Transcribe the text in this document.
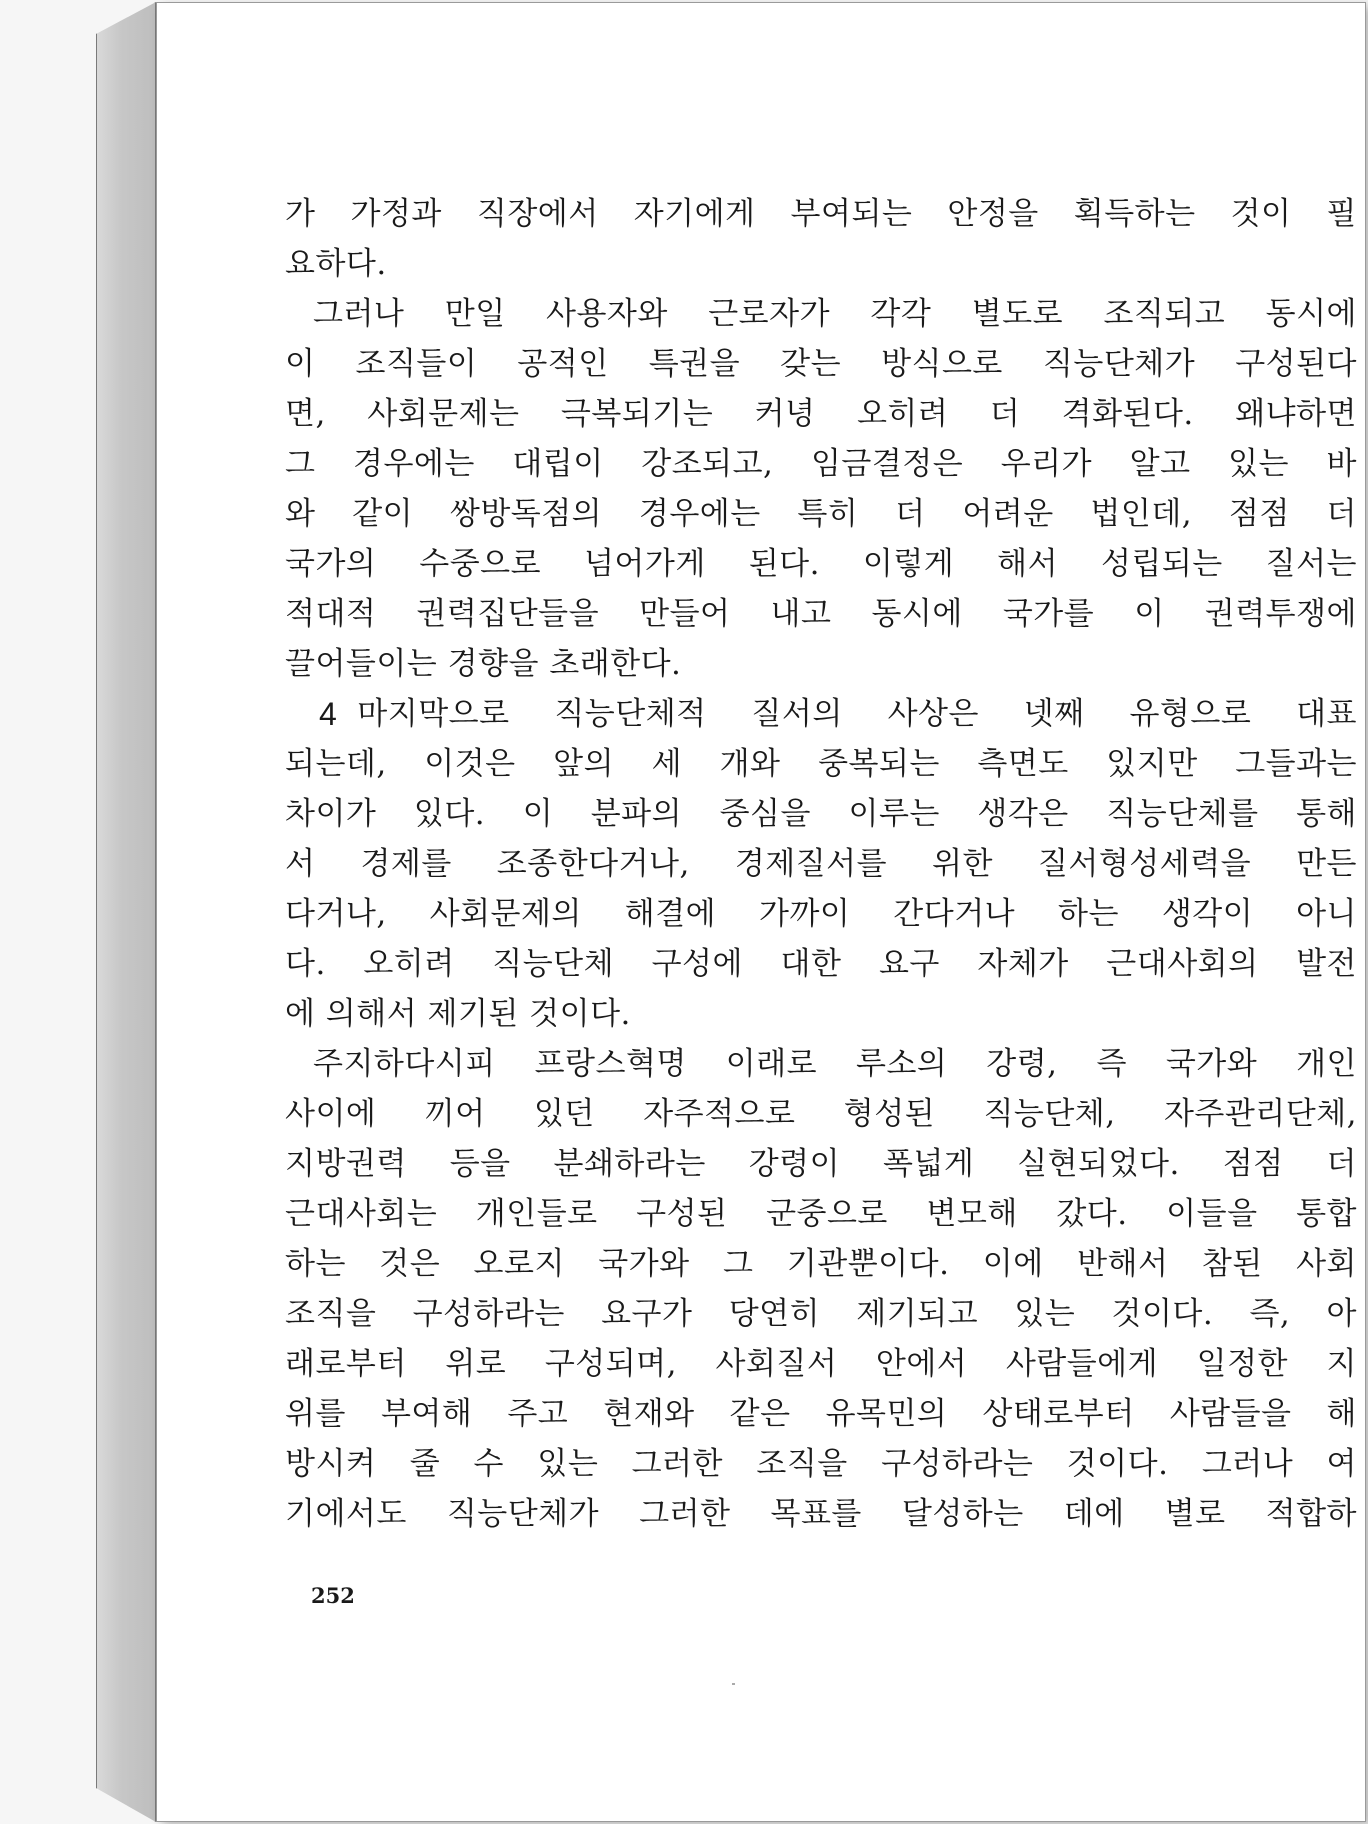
가 가정과 직장에서 자기에게 부여되는 안정을 획득하는 것이 필
요하다.
그러나 만일 사용자와 근로자가 각각 별도로 조직되고 동시에
이 조직들이 공적인 특권을 갖는 방식으로 직능단체가 구성된다
면, 사회문제는 극복되기는 커녕 오히려 더 격화된다. 왜냐하면
그 경우에는 대립이 강조되고, 임금결정은 우리가 알고 있는 바
와 같이 쌍방독점의 경우에는 특히 더 어려운 법인데, 점점 더
국가의 수중으로 넘어가게 된다. 이렇게 해서 성립되는 질서는
적대적 권력집단들을 만들어 내고 동시에 국가를 이 권력투쟁에
끌어들이는 경향을 초래한다.
4 마지막으로 직능단체적 질서의 사상은 넷째 유형으로 대표
되는데, 이것은 앞의 세 개와 중복되는 측면도 있지만 그들과는
차이가 있다. 이 분파의 중심을 이루는 생각은 직능단체를 통해
서 경제를 조종한다거나, 경제질서를 위한 질서형성세력을 만든
다거나, 사회문제의 해결에 가까이 간다거나 하는 생각이 아니
다. 오히려 직능단체 구성에 대한 요구 자체가 근대사회의 발전
에 의해서 제기된 것이다.
주지하다시피 프랑스혁명 이래로 루소의 강령, 즉 국가와 개인
사이에 끼어 있던 자주적으로 형성된 직능단체, 자주관리단체,
지방권력 등을 분쇄하라는 강령이 폭넓게 실현되었다. 점점 더
근대사회는 개인들로 구성된 군중으로 변모해 갔다. 이들을 통합
하는 것은 오로지 국가와 그 기관뿐이다. 이에 반해서 참된 사회
조직을 구성하라는 요구가 당연히 제기되고 있는 것이다. 즉, 아
래로부터 위로 구성되며, 사회질서 안에서 사람들에게 일정한 지
위를 부여해 주고 현재와 같은 유목민의 상태로부터 사람들을 해
방시켜 줄 수 있는 그러한 조직을 구성하라는 것이다. 그러나 여
기에서도 직능단체가 그러한 목표를 달성하는 데에 별로 적합하
252
